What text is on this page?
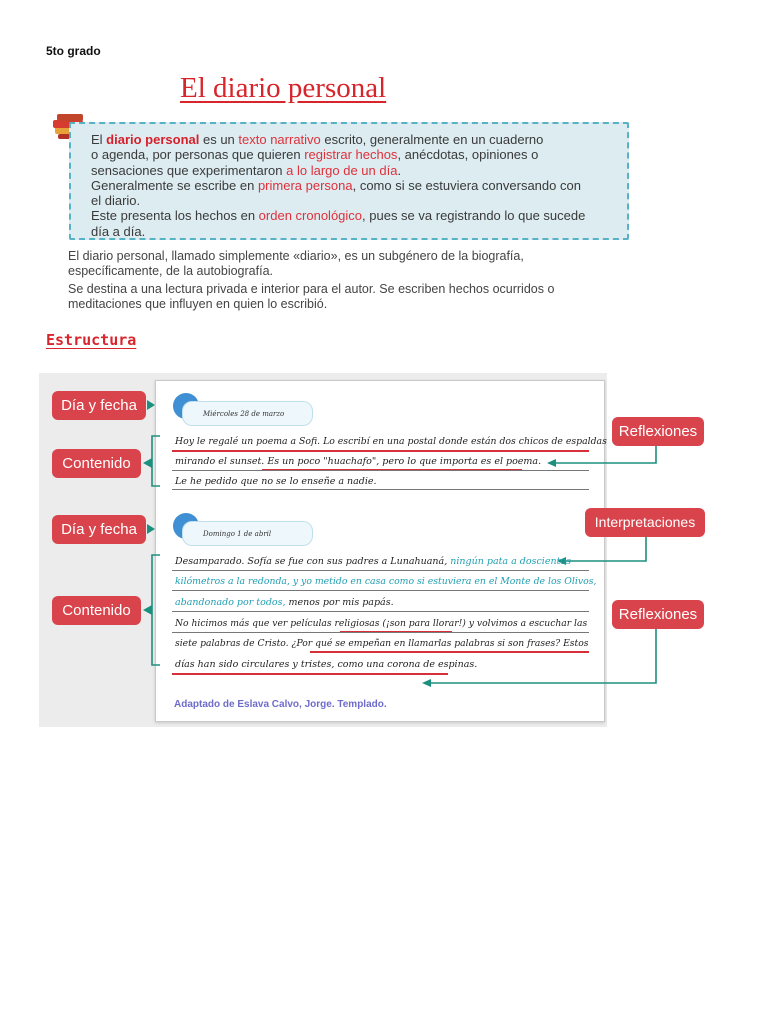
5to grado
El diario personal
El diario personal es un texto narrativo escrito, generalmente en un cuaderno
o agenda, por personas que quieren registrar hechos, anécdotas, opiniones o
sensaciones que experimentaron a lo largo de un día.
Generalmente se escribe en primera persona, como si se estuviera conversando con
el diario.
Este presenta los hechos en orden cronológico, pues se va registrando lo que sucede
día a día.
El diario personal, llamado simplemente «diario», es un subgénero de la biografía, específicamente, de la autobiografía.
Se destina a una lectura privada e interior para el autor. Se escriben hechos ocurridos o meditaciones que influyen en quien lo escribió.
Estructura
Día y fecha
Contenido
Día y fecha
Contenido
Reflexiones
Interpretaciones
Reflexiones
Miércoles 28 de marzo
Hoy le regalé un poema a Sofi. Lo escribí en una postal donde están dos chicos de espaldas
mirando el sunset. Es un poco "huachafo", pero lo que importa es el poema.
Le he pedido que no se lo enseñe a nadie.
Domingo 1 de abril
Desamparado. Sofía se fue con sus padres a Lunahuaná, ningún pata a doscientos
kilómetros a la redonda, y yo metido en casa como si estuviera en el Monte de los Olivos,
abandonado por todos, menos por mis papás.
No hicimos más que ver películas religiosas (¡son para llorar!) y volvimos a escuchar las
siete palabras de Cristo. ¿Por qué se empeñan en llamarlas palabras si son frases? Estos
días han sido circulares y tristes, como una corona de espinas.
Adaptado de Eslava Calvo, Jorge. Templado.
